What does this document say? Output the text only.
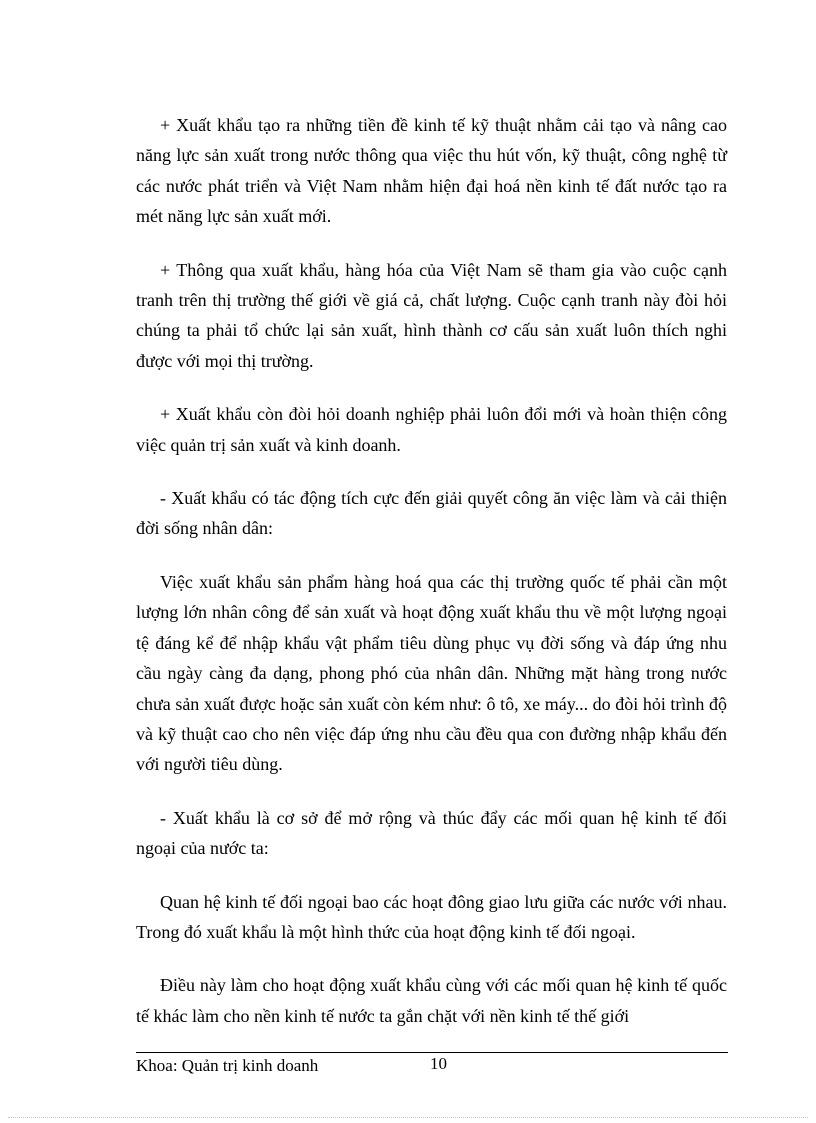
+ Xuất khẩu tạo ra những tiền đề kinh tế kỹ thuật nhằm cải tạo và nâng cao năng lực sản xuất trong nước thông qua việc thu hút vốn, kỹ thuật, công nghệ từ các nước phát triển và Việt Nam nhằm hiện đại hoá nền kinh tế đất nước tạo ra mét năng lực sản xuất mới.

+ Thông qua xuất khẩu, hàng hóa của Việt Nam sẽ tham gia vào cuộc cạnh tranh trên thị trường thế giới về giá cả, chất lượng. Cuộc cạnh tranh này đòi hỏi chúng ta phải tổ chức lại sản xuất, hình thành cơ cấu sản xuất luôn thích nghi được với mọi thị trường.

+ Xuất khẩu còn đòi hỏi doanh nghiệp phải luôn đổi mới và hoàn thiện công việc quản trị sản xuất và kinh doanh.

- Xuất khẩu có tác động tích cực đến giải quyết công ăn việc làm và cải thiện đời sống nhân dân:

Việc xuất khẩu sản phẩm hàng hoá qua các thị trường quốc tế phải cần một lượng lớn nhân công để sản xuất và hoạt động xuất khẩu thu về một lượng ngoại tệ đáng kể để nhập khẩu vật phẩm tiêu dùng phục vụ đời sống và đáp ứng nhu cầu ngày càng đa dạng, phong phó của nhân dân. Những mặt hàng trong nước chưa sản xuất được hoặc sản xuất còn kém như: ô tô, xe máy... do đòi hỏi trình độ và kỹ thuật cao cho nên việc đáp ứng nhu cầu đều qua con đường nhập khẩu đến với người tiêu dùng.

- Xuất khẩu là cơ sở để mở rộng và thúc đẩy các mối quan hệ kinh tế đối ngoại của nước ta:

Quan hệ kinh tế đối ngoại bao các hoạt đông giao lưu giữa các nước với nhau. Trong đó xuất khẩu là một hình thức của hoạt động kinh tế đối ngoại.

Điều này làm cho hoạt động xuất khẩu cùng với các mối quan hệ kinh tế quốc tế khác làm cho nền kinh tế nước ta gắn chặt với nền kinh tế thế giới

Khoa: Quản trị kinh doanh	10
